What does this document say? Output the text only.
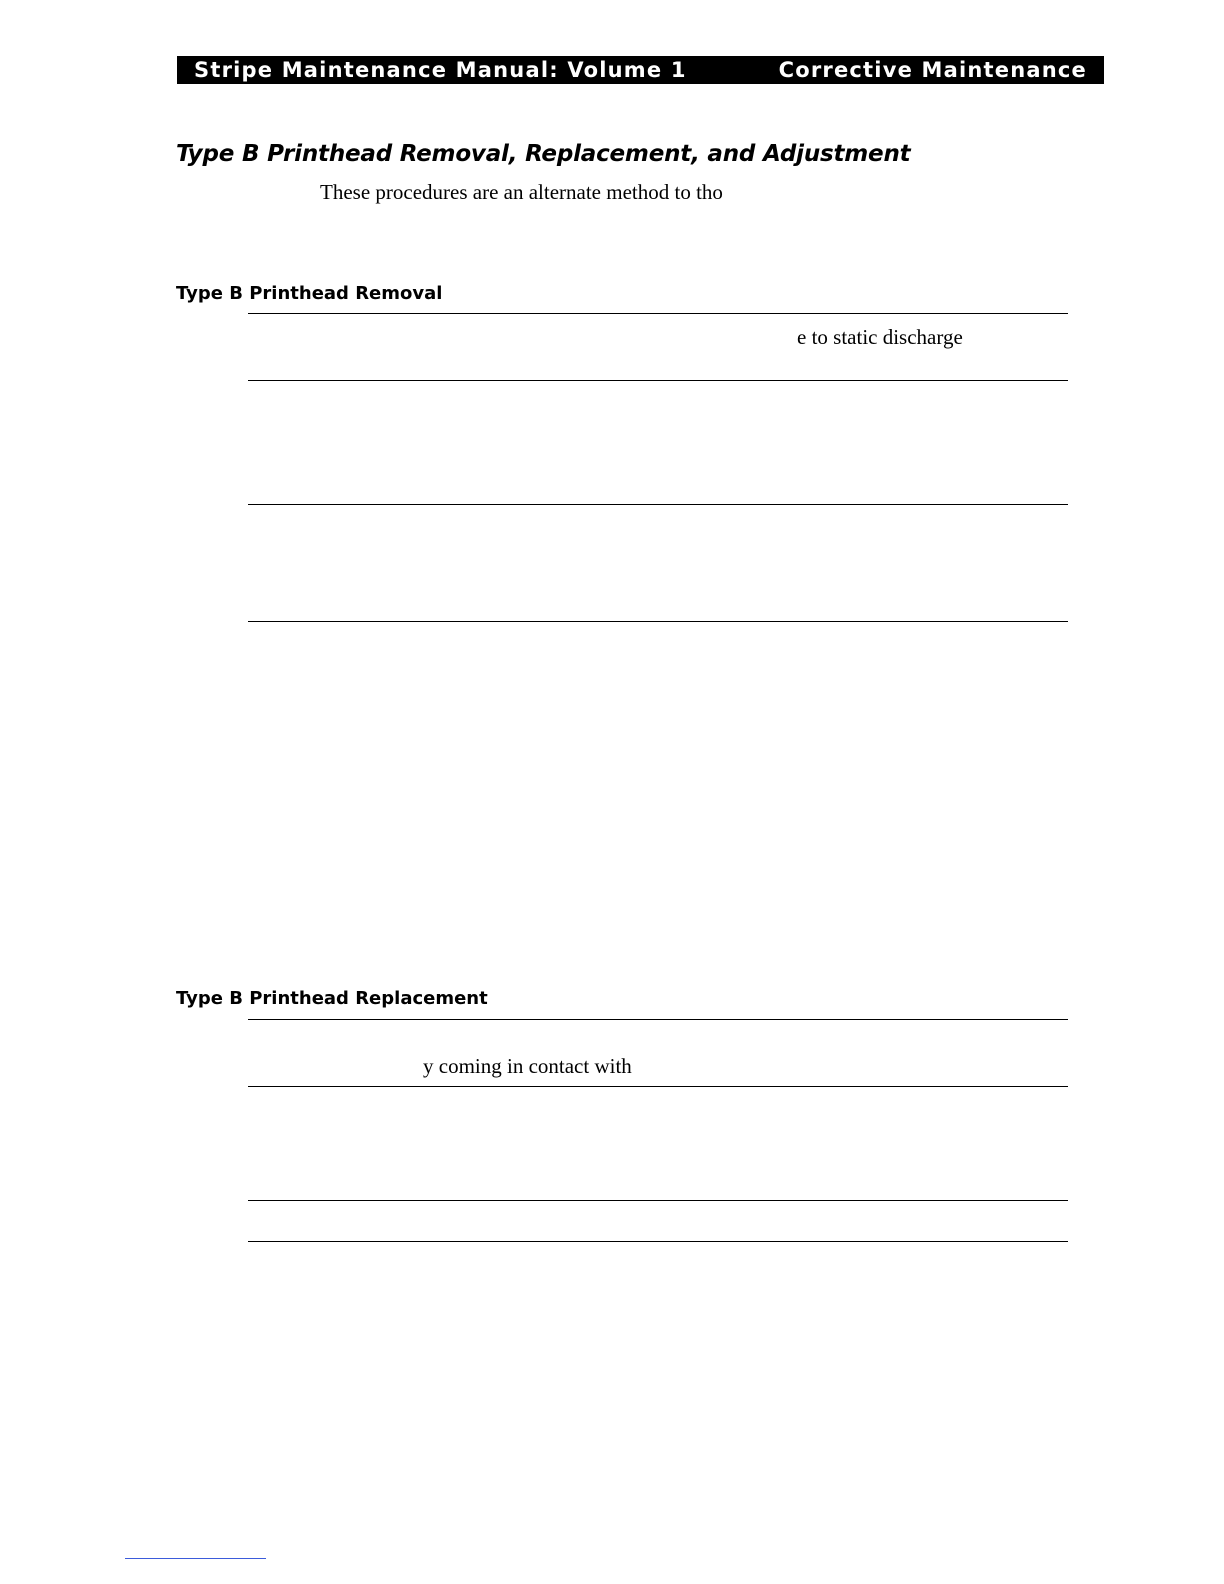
Stripe Maintenance Manual: Volume 1	Corrective Maintenance
Type B Printhead Removal, Replacement, and Adjustment
These procedures are an alternate method to tho
Type B Printhead Removal
e to static discharge
Type B Printhead Replacement
y coming in contact with
